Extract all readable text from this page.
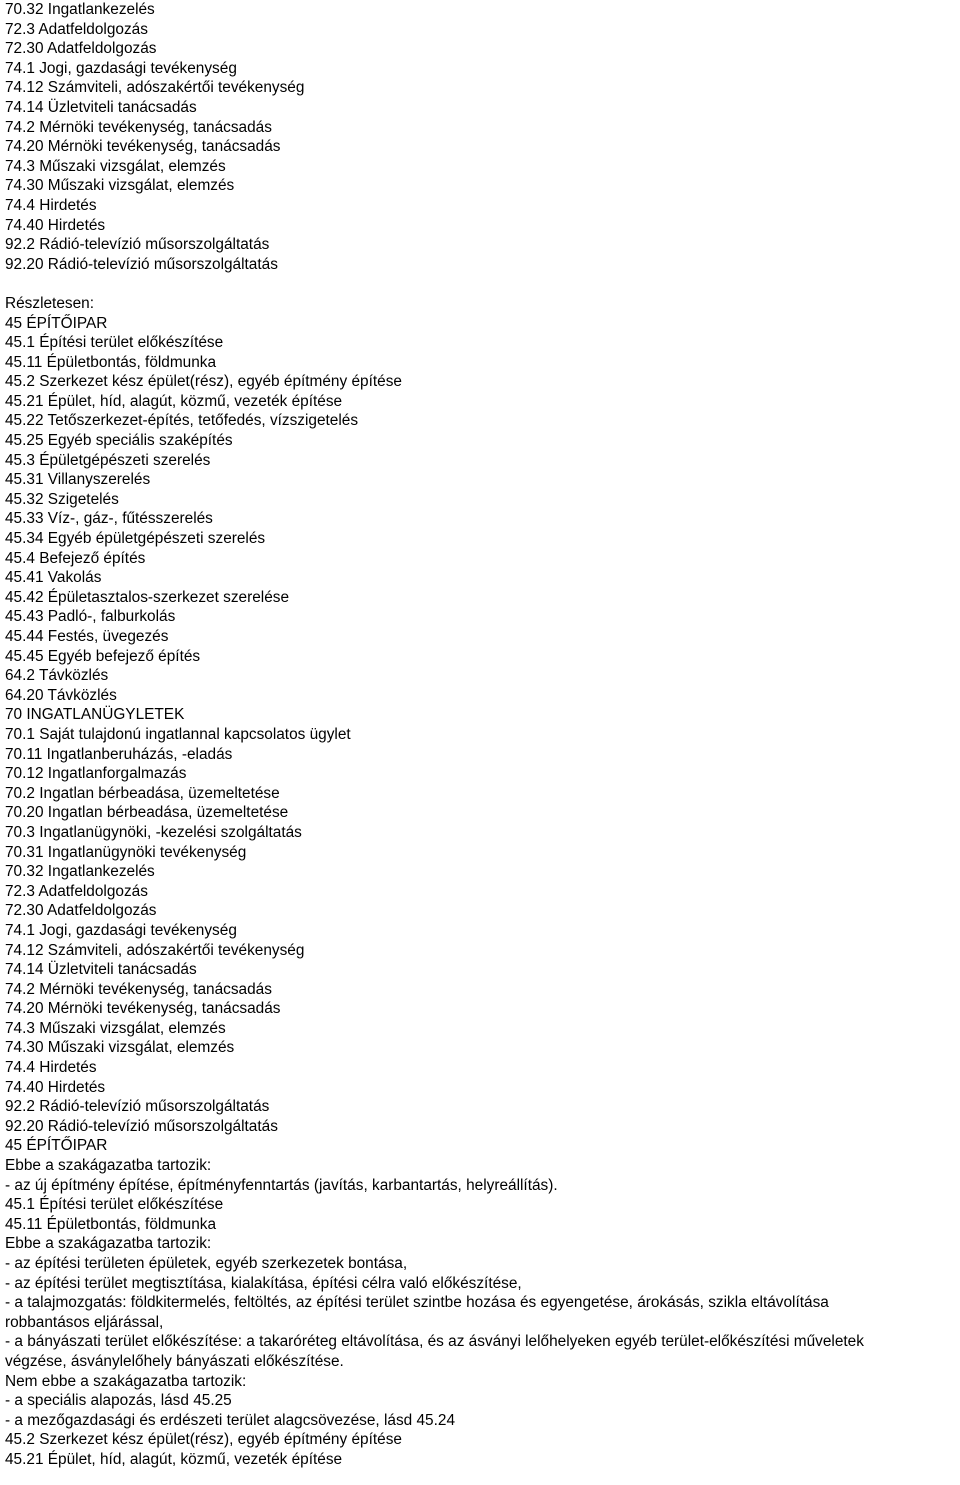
70.32 Ingatlankezelés
72.3 Adatfeldolgozás
72.30 Adatfeldolgozás
74.1 Jogi, gazdasági tevékenység
74.12 Számviteli, adószakértői tevékenység
74.14 Üzletviteli tanácsadás
74.2 Mérnöki tevékenység, tanácsadás
74.20 Mérnöki tevékenység, tanácsadás
74.3 Műszaki vizsgálat, elemzés
74.30 Műszaki vizsgálat, elemzés
74.4 Hirdetés
74.40 Hirdetés
92.2 Rádió-televízió műsorszolgáltatás
92.20 Rádió-televízió műsorszolgáltatás
Részletesen:
45 ÉPÍTŐIPAR
45.1 Építési terület előkészítése
45.11 Épületbontás, földmunka
45.2 Szerkezet kész épület(rész), egyéb építmény építése
45.21 Épület, híd, alagút, közmű, vezeték építése
45.22 Tetőszerkezet-építés, tetőfedés, vízszigetelés
45.25 Egyéb speciális szaképítés
45.3 Épületgépészeti szerelés
45.31 Villanyszerelés
45.32 Szigetelés
45.33 Víz-, gáz-, fűtésszerelés
45.34 Egyéb épületgépészeti szerelés
45.4 Befejező építés
45.41 Vakolás
45.42 Épületasztalos-szerkezet szerelése
45.43 Padló-, falburkolás
45.44 Festés, üvegezés
45.45 Egyéb befejező építés
64.2 Távközlés
64.20 Távközlés
70 INGATLANÜGYLETEK
70.1 Saját tulajdonú ingatlannal kapcsolatos ügylet
70.11 Ingatlanberuházás, -eladás
70.12 Ingatlanforgalmazás
70.2 Ingatlan bérbeadása, üzemeltetése
70.20 Ingatlan bérbeadása, üzemeltetése
70.3 Ingatlanügynöki, -kezelési szolgáltatás
70.31 Ingatlanügynöki tevékenység
70.32 Ingatlankezelés
72.3 Adatfeldolgozás
72.30 Adatfeldolgozás
74.1 Jogi, gazdasági tevékenység
74.12 Számviteli, adószakértői tevékenység
74.14 Üzletviteli tanácsadás
74.2 Mérnöki tevékenység, tanácsadás
74.20 Mérnöki tevékenység, tanácsadás
74.3 Műszaki vizsgálat, elemzés
74.30 Műszaki vizsgálat, elemzés
74.4 Hirdetés
74.40 Hirdetés
92.2 Rádió-televízió műsorszolgáltatás
92.20 Rádió-televízió műsorszolgáltatás
45 ÉPÍTŐIPAR
Ebbe a szakágazatba tartozik:
- az új építmény építése, építményfenntartás (javítás, karbantartás, helyreállítás).
45.1 Építési terület előkészítése
45.11 Épületbontás, földmunka
Ebbe a szakágazatba tartozik:
- az építési területen épületek, egyéb szerkezetek bontása,
- az építési terület megtisztítása, kialakítása, építési célra való előkészítése,
- a talajmozgatás: földkitermelés, feltöltés, az építési terület szintbe hozása és egyengetése, árokásás, szikla eltávolítása
robbantásos eljárással,
- a bányászati terület előkészítése: a takaróréteg eltávolítása, és az ásványi lelőhelyeken egyéb terület-előkészítési műveletek
végzése, ásványlelőhely bányászati előkészítése.
Nem ebbe a szakágazatba tartozik:
- a speciális alapozás, lásd 45.25
- a mezőgazdasági és erdészeti terület alagcsövezése, lásd 45.24
45.2 Szerkezet kész épület(rész), egyéb építmény építése
45.21 Épület, híd, alagút, közmű, vezeték építése
